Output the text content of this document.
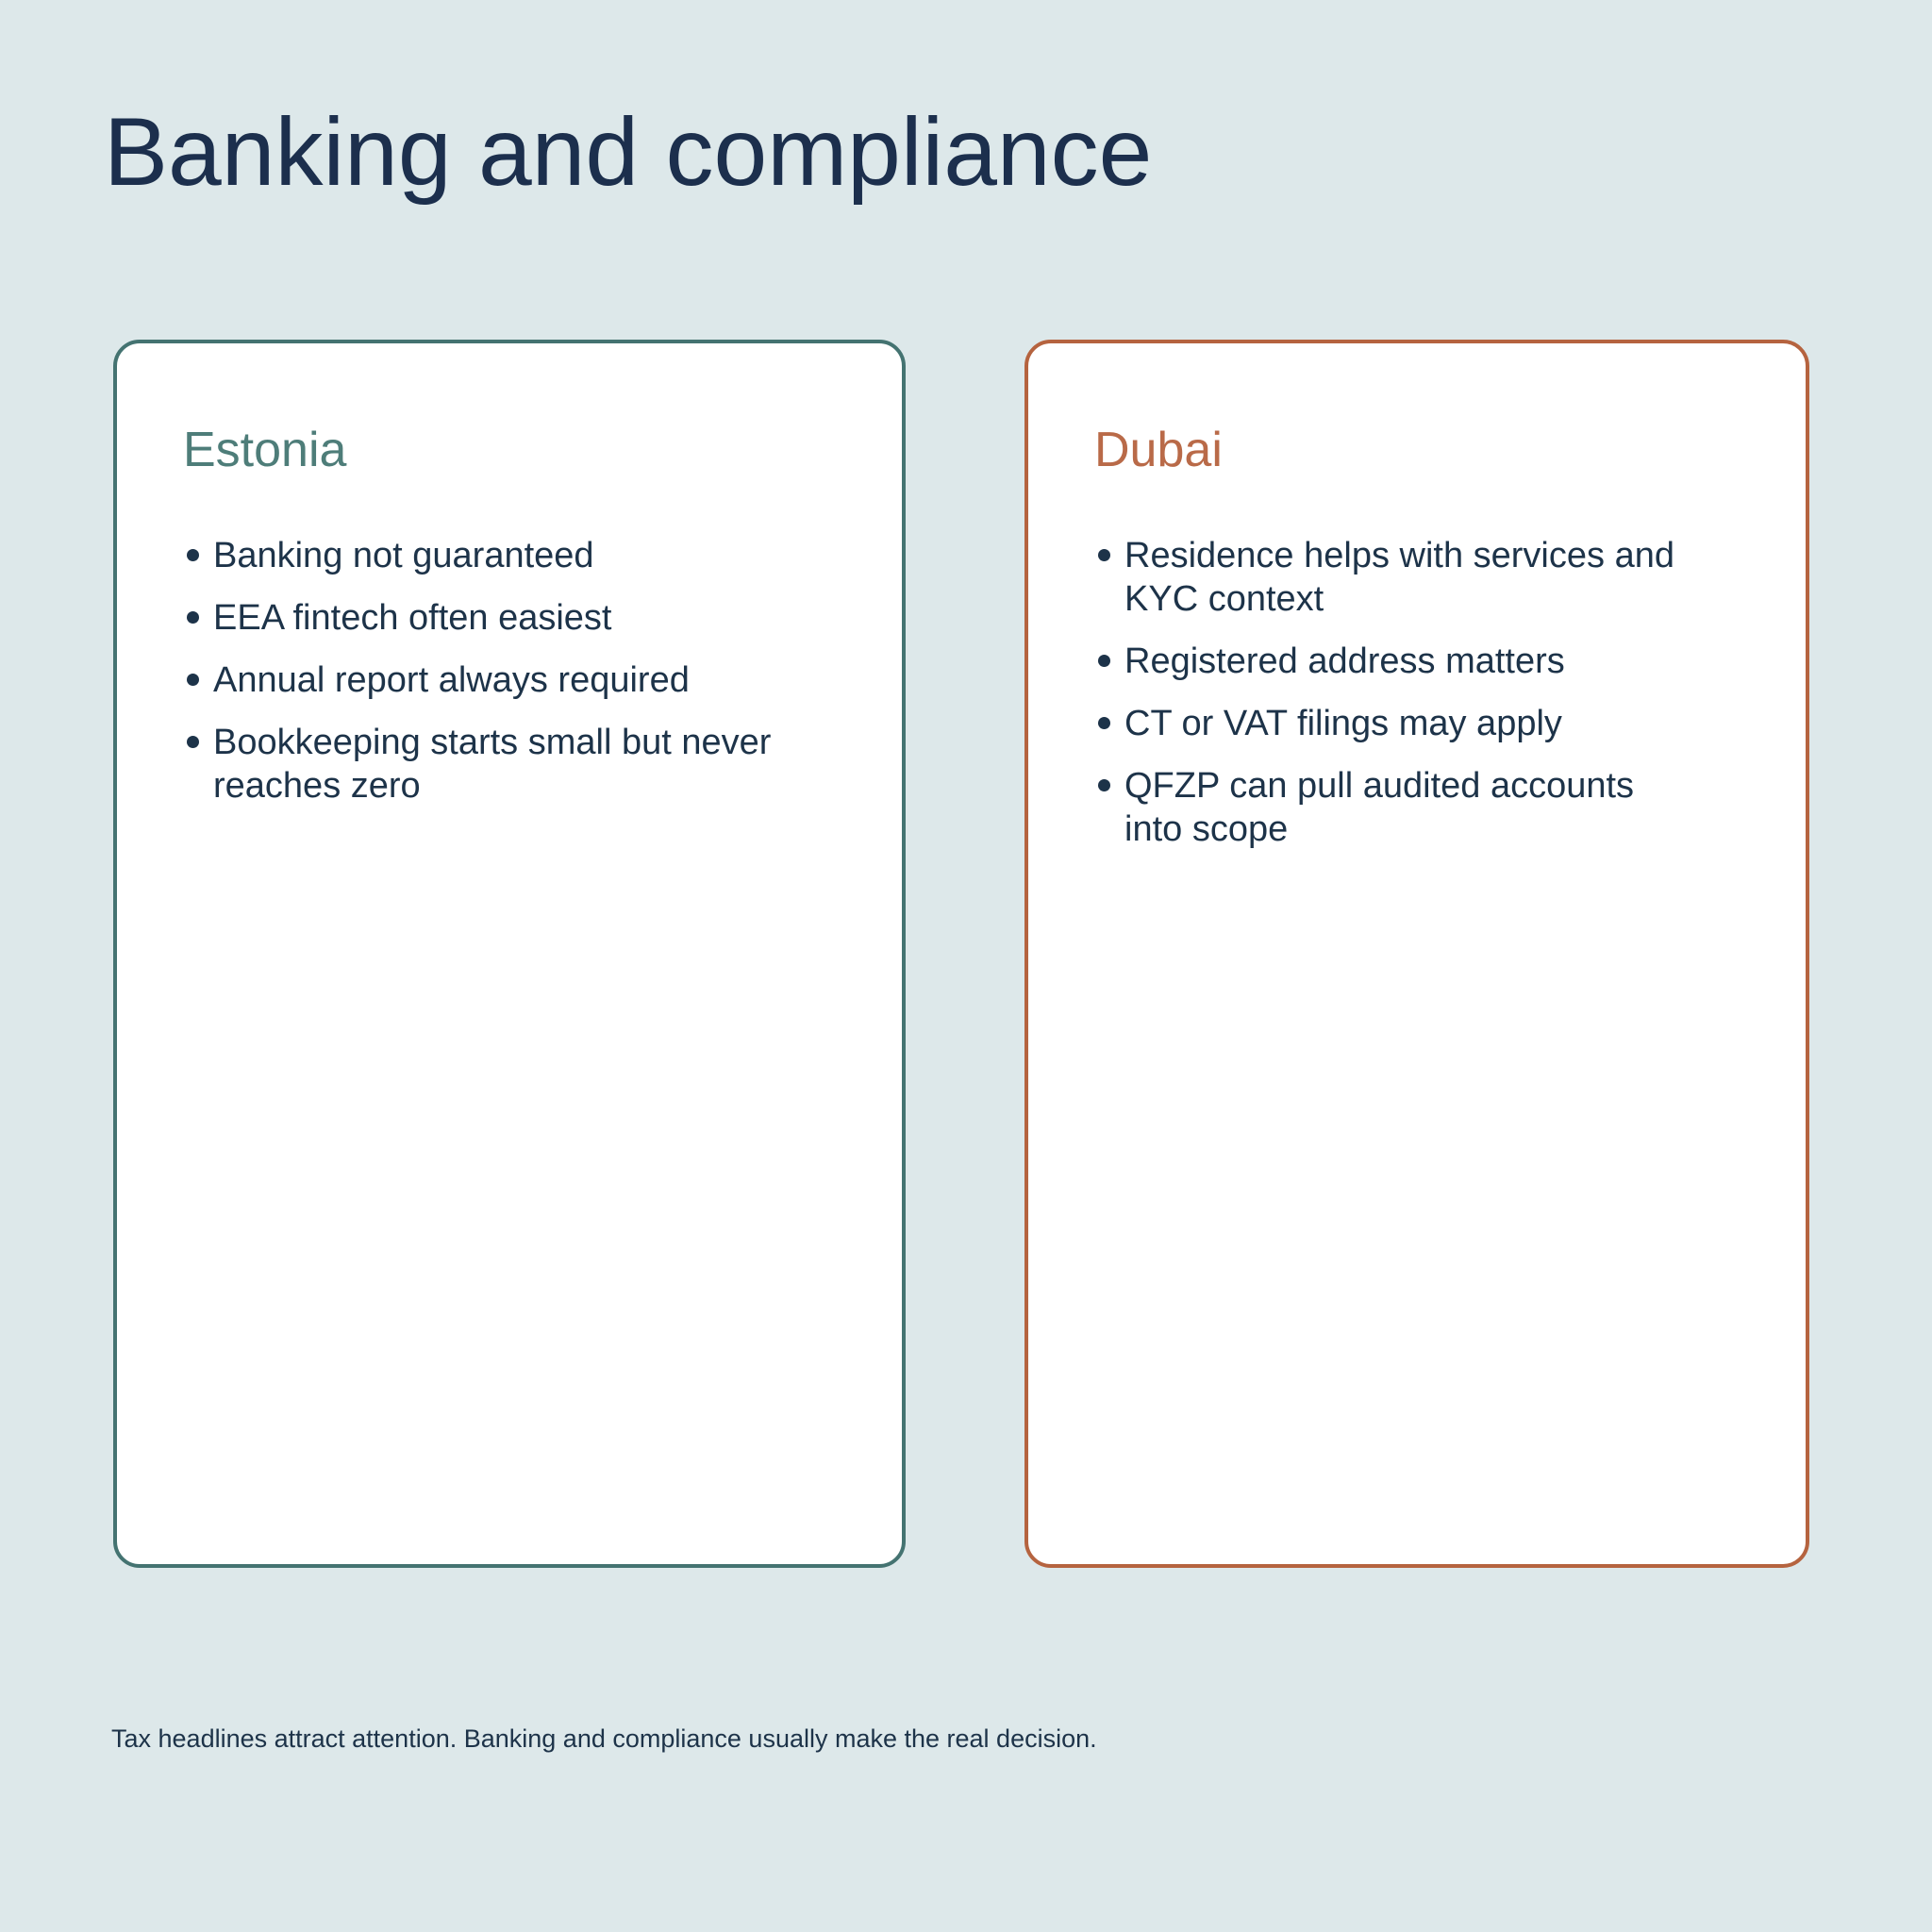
Banking and compliance
Estonia
Banking not guaranteed
EEA fintech often easiest
Annual report always required
Bookkeeping starts small but never reaches zero
Dubai
Residence helps with services and KYC context
Registered address matters
CT or VAT filings may apply
QFZP can pull audited accounts into scope

Tax headlines attract attention. Banking and compliance usually make the real decision.
